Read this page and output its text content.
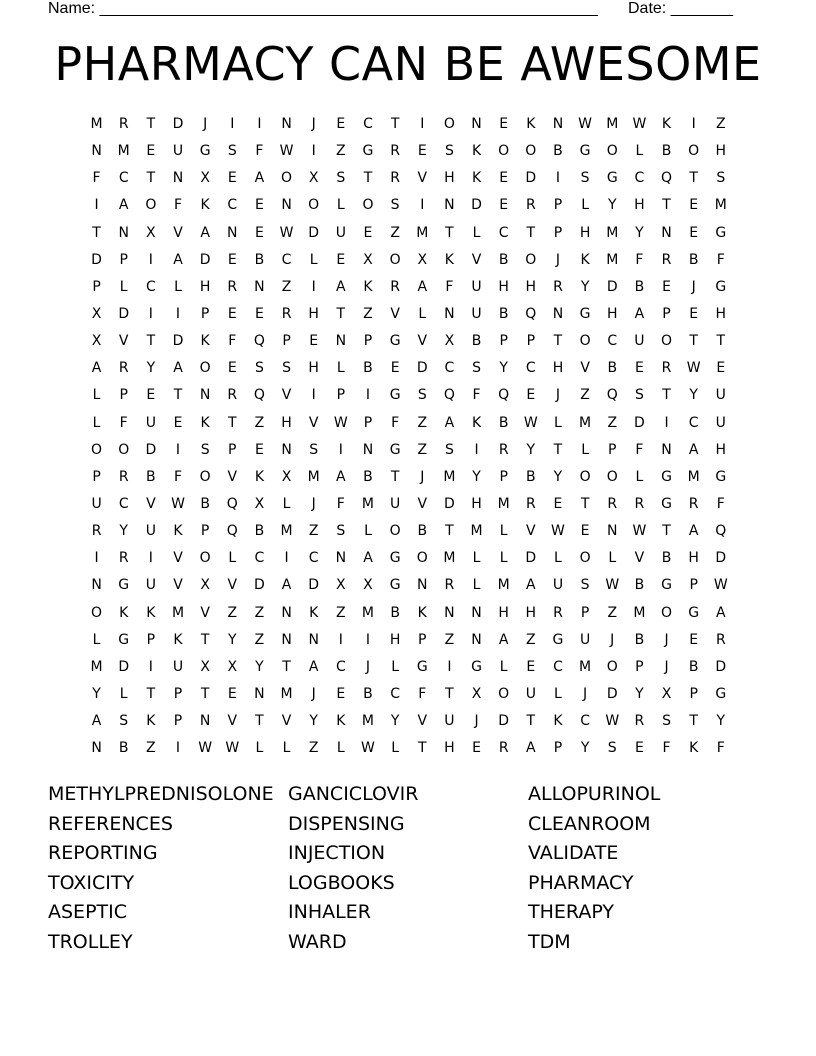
Name: ________________________________________________________ Date: _______
PHARMACY CAN BE AWESOME
M	R	T	D	J	I	I	N	J	E	C	T	I	O	N	E	K	N	W	M	W	K	I	Z
N	M	E	U	G	S	F	W	I	Z	G	R	E	S	K	O	O	B	G	O	L	B	O	H
F	C	T	N	X	E	A	O	X	S	T	R	V	H	K	E	D	I	S	G	C	Q	T	S
I	A	O	F	K	C	E	N	O	L	O	S	I	N	D	E	R	P	L	Y	H	T	E	M
T	N	X	V	A	N	E	W	D	U	E	Z	M	T	L	C	T	P	H	M	Y	N	E	G
D	P	I	A	D	E	B	C	L	E	X	O	X	K	V	B	O	J	K	M	F	R	B	F
P	L	C	L	H	R	N	Z	I	A	K	R	A	F	U	H	H	R	Y	D	B	E	J	G
X	D	I	I	P	E	E	R	H	T	Z	V	L	N	U	B	Q	N	G	H	A	P	E	H
X	V	T	D	K	F	Q	P	E	N	P	G	V	X	B	P	P	T	O	C	U	O	T	T
A	R	Y	A	O	E	S	S	H	L	B	E	D	C	S	Y	C	H	V	B	E	R	W	E
L	P	E	T	N	R	Q	V	I	P	I	G	S	Q	F	Q	E	J	Z	Q	S	T	Y	U
L	F	U	E	K	T	Z	H	V	W	P	F	Z	A	K	B	W	L	M	Z	D	I	C	U
O	O	D	I	S	P	E	N	S	I	N	G	Z	S	I	R	Y	T	L	P	F	N	A	H
P	R	B	F	O	V	K	X	M	A	B	T	J	M	Y	P	B	Y	O	O	L	G	M	G
U	C	V	W	B	Q	X	L	J	F	M	U	V	D	H	M	R	E	T	R	R	G	R	F
R	Y	U	K	P	Q	B	M	Z	S	L	O	B	T	M	L	V	W	E	N	W	T	A	Q
I	R	I	V	O	L	C	I	C	N	A	G	O	M	L	L	D	L	O	L	V	B	H	D
N	G	U	V	X	V	D	A	D	X	X	G	N	R	L	M	A	U	S	W	B	G	P	W
O	K	K	M	V	Z	Z	N	K	Z	M	B	K	N	N	H	H	R	P	Z	M	O	G	A
L	G	P	K	T	Y	Z	N	N	I	I	H	P	Z	N	A	Z	G	U	J	B	J	E	R
M	D	I	U	X	X	Y	T	A	C	J	L	G	I	G	L	E	C	M	O	P	J	B	D
Y	L	T	P	T	E	N	M	J	E	B	C	F	T	X	O	U	L	J	D	Y	X	P	G
A	S	K	P	N	V	T	V	Y	K	M	Y	V	U	J	D	T	K	C	W	R	S	T	Y
N	B	Z	I	W W	L	L	Z	L	W	L	T	H	E	R	A	P	Y	S	E	F	K	F
METHYLPREDNISOLONE GANCICLOVIR	ALLOPURINOL
REFERENCES	DISPENSING	CLEANROOM
REPORTING	INJECTION	VALIDATE
TOXICITY	LOGBOOKS	PHARMACY
ASEPTIC	INHALER	THERAPY
TROLLEY	WARD	TDM
